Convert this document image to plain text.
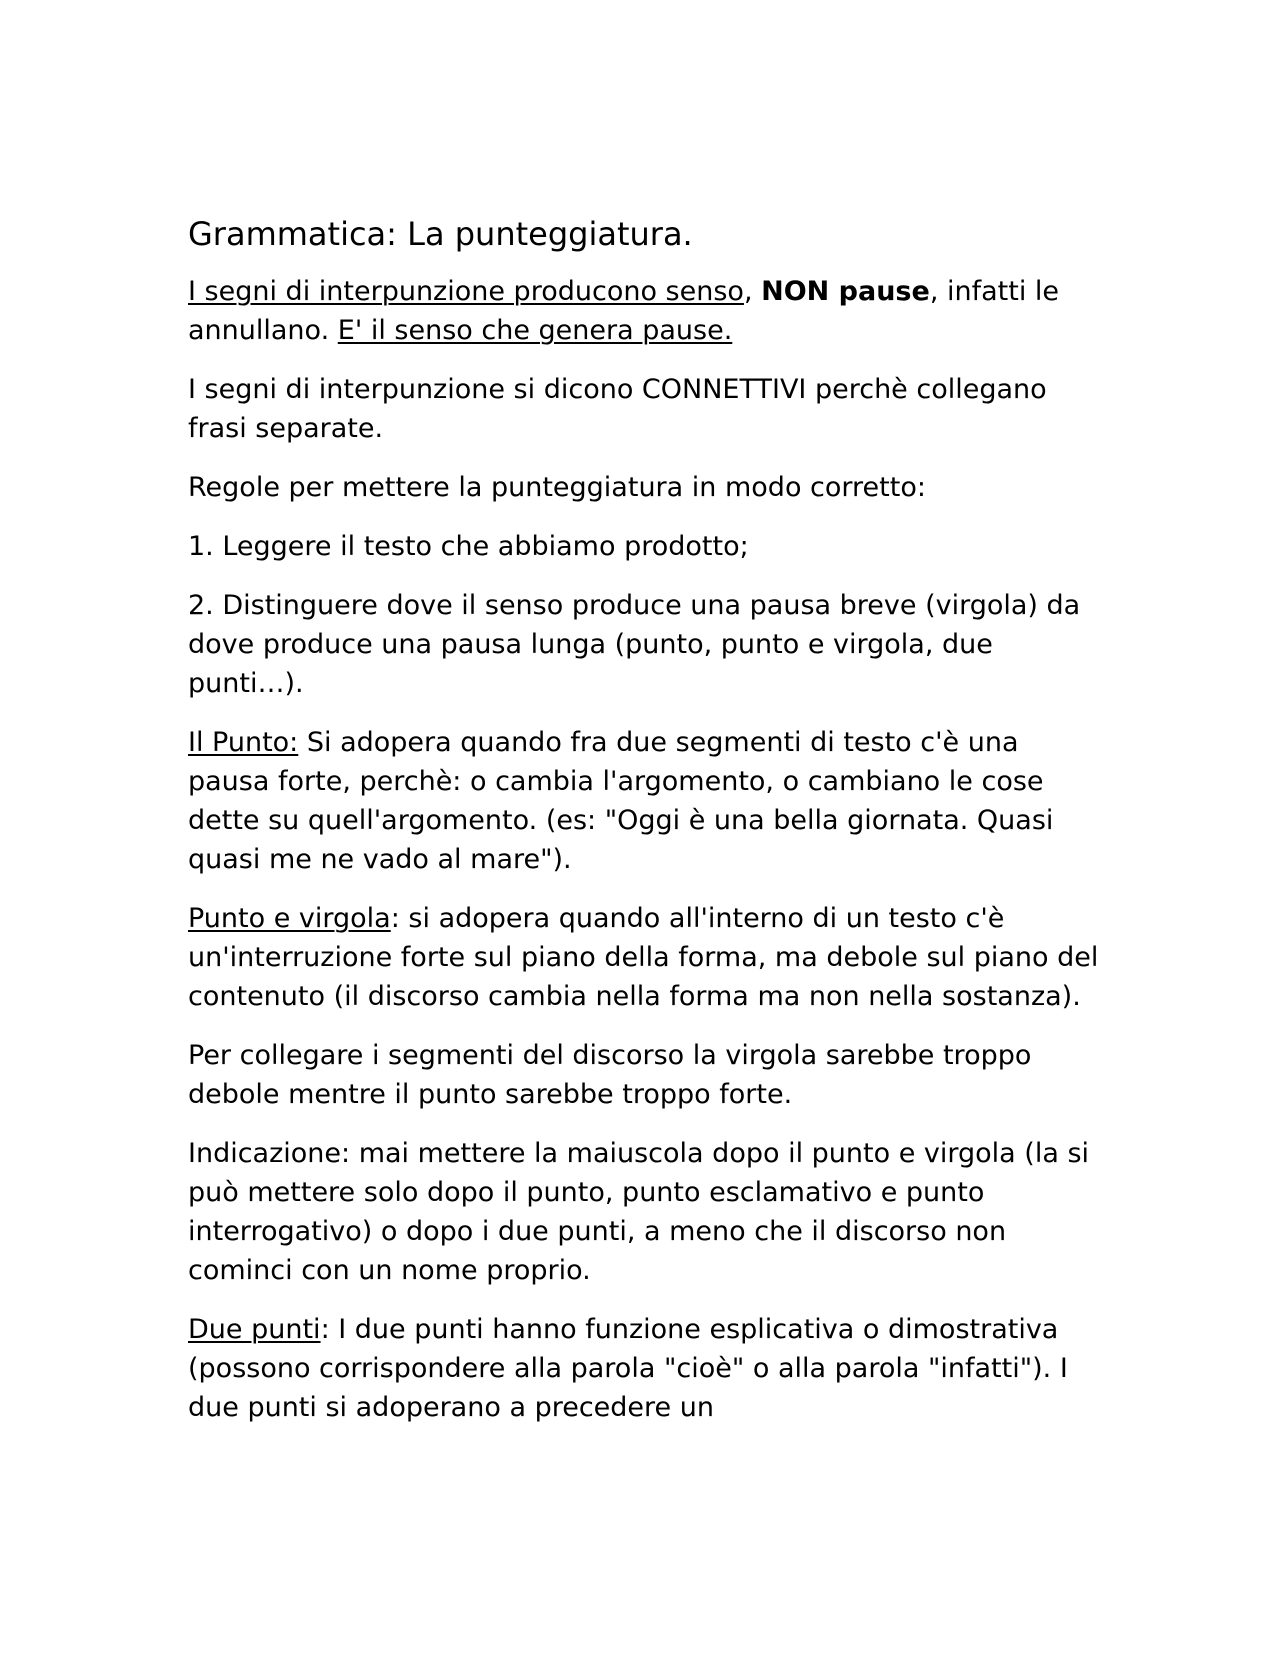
Grammatica: La punteggiatura.

I segni di interpunzione producono senso, NON pause, infatti le annullano. E' il senso che genera pause.

I segni di interpunzione si dicono CONNETTIVI perchè collegano frasi separate.

Regole per mettere la punteggiatura in modo corretto:

1. Leggere il testo che abbiamo prodotto;

2. Distinguere dove il senso produce una pausa breve (virgola) da dove produce una pausa lunga (punto, punto e virgola, due punti…).

Il Punto: Si adopera quando fra due segmenti di testo c'è una pausa forte, perchè: o cambia l'argomento, o cambiano le cose dette su quell'argomento. (es: "Oggi è una bella giornata. Quasi quasi me ne vado al mare").

Punto e virgola: si adopera quando all'interno di un testo c'è un'interruzione forte sul piano della forma, ma debole sul piano del contenuto (il discorso cambia nella forma ma non nella sostanza).

Per collegare i segmenti del discorso la virgola sarebbe troppo debole mentre il punto sarebbe troppo forte.

Indicazione: mai mettere la maiuscola dopo il punto e virgola (la si può mettere solo dopo il punto, punto esclamativo e punto interrogativo) o dopo i due punti, a meno che il discorso non cominci con un nome proprio.

Due punti: I due punti hanno funzione esplicativa o dimostrativa (possono corrispondere alla parola "cioè" o alla parola "infatti"). I due punti si adoperano a precedere un
